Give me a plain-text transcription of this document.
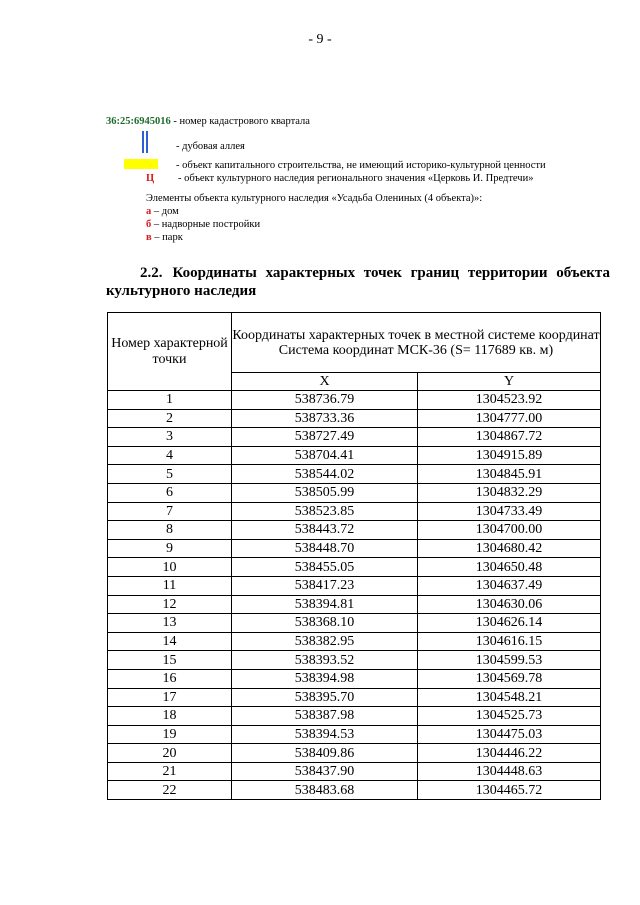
- 9 -
36:25:6945016 - номер кадастрового квартала
- дубовая аллея
- объект капитального строительства, не имеющий историко-культурной ценности
Ц - объект культурного наследия регионального значения «Церковь И. Предтечи»
Элементы объекта культурного наследия «Усадьба Олениных (4 объекта)»:
а – дом
б – надворные постройки
в – парк
2.2. Координаты характерных точек границ территории объекта культурного наследия
Номер характерной точки	Координаты характерных точек в местной системе координат
Система координат МСК-36 (S= 117689 кв. м)	

	X	Y
1	538736.79	1304523.92
2	538733.36	1304777.00
3	538727.49	1304867.72
4	538704.41	1304915.89
5	538544.02	1304845.91
6	538505.99	1304832.29
7	538523.85	1304733.49
8	538443.72	1304700.00
9	538448.70	1304680.42
10	538455.05	1304650.48
11	538417.23	1304637.49
12	538394.81	1304630.06
13	538368.10	1304626.14
14	538382.95	1304616.15
15	538393.52	1304599.53
16	538394.98	1304569.78
17	538395.70	1304548.21
18	538387.98	1304525.73
19	538394.53	1304475.03
20	538409.86	1304446.22
21	538437.90	1304448.63
22	538483.68	1304465.72
